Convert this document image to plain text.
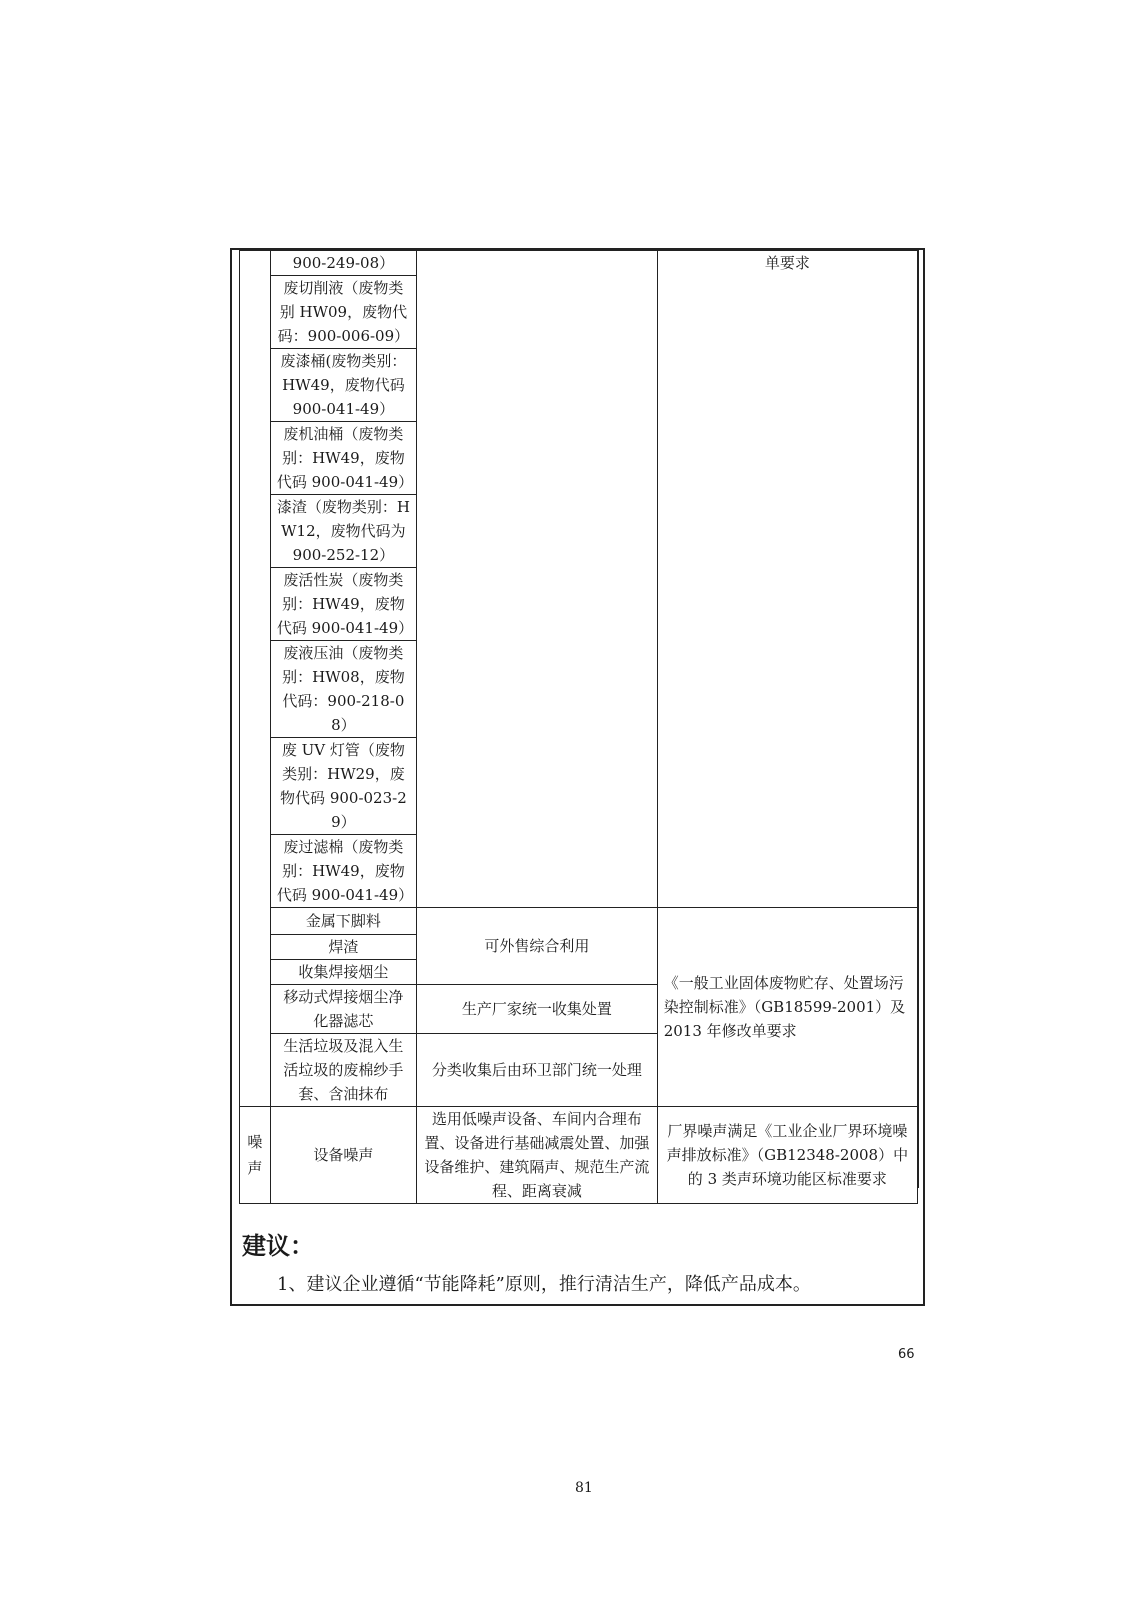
	900-249-08）		单要求
	废切削液（废物类别 HW09，废物代码：900-006-09）		
	废漆桶(废物类别：HW49，废物代码 900-041-49）		
	废机油桶（废物类别：HW49，废物代码 900-041-49）		
	漆渣（废物类别：HW12，废物代码为 900-252-12）		
	废活性炭（废物类别：HW49，废物代码 900-041-49）		
	废液压油（废物类别：HW08，废物代码：900-218-08）		
	废 UV 灯管（废物类别：HW29，废物代码 900-023-29）		
	废过滤棉（废物类别：HW49，废物代码 900-041-49）		
	金属下脚料	可外售综合利用	《一般工业固体废物贮存、处置场污染控制标准》（GB18599-2001）及 2013 年修改单要求
	焊渣		
	收集焊接烟尘		
	移动式焊接烟尘净化器滤芯	生产厂家统一收集处置	
	生活垃圾及混入生活垃圾的废棉纱手套、含油抹布	分类收集后由环卫部门统一处理	
噪声	设备噪声	选用低噪声设备、车间内合理布置、设备进行基础减震处置、加强设备维护、建筑隔声、规范生产流程、距离衰减	厂界噪声满足《工业企业厂界环境噪声排放标准》（GB12348-2008）中的 3 类声环境功能区标准要求
建议：
1、建议企业遵循“节能降耗”原则，推行清洁生产，降低产品成本。
66
81
